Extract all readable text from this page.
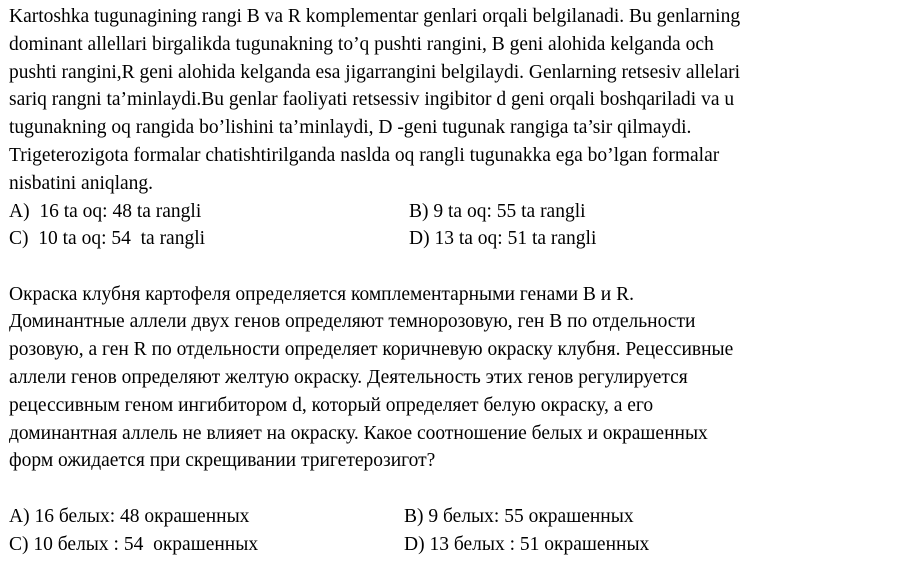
Kartoshka tugunagining rangi B va R komplementar genlari orqali belgilanadi. Bu genlarning
dominant allellari birgalikda tugunakning to’q pushti rangini, B geni alohida kelganda och
pushti rangini,R geni alohida kelganda esa jigarrangini belgilaydi. Genlarning retsesiv allelari
sariq rangni ta’minlaydi.Bu genlar faoliyati retsessiv ingibitor d geni orqali boshqariladi va u
tugunakning oq rangida bo’lishini ta’minlaydi, D -geni tugunak rangiga ta’sir qilmaydi.
Trigeterozigota formalar chatishtirilganda naslda oq rangli tugunakka ega bo’lgan formalar
nisbatini aniqlang.
A)  16 ta oq: 48 ta rangli	B) 9 ta oq: 55 ta rangli
C)  10 ta oq: 54  ta rangli	D) 13 ta oq: 51 ta rangli
Окраска клубня картофеля определяется комплементарными генами B и R.
Доминантные аллели двух генов определяют темнорозовую, ген B по отдельности
розовую, а ген R по отдельности определяет коричневую окраску клубня. Рецессивные
аллели генов определяют желтую окраску. Деятельность этих генов регулируется
рецессивным геном ингибитором d, который определяет белую окраску, а его
доминантная аллель не влияет на окраску. Какое соотношение белых и окрашенных
форм ожидается при скрещивании тригетерозигот?
А) 16 белых: 48 окрашенных	B) 9 белых: 55 окрашенных
С) 10 белых : 54  окрашенных	D) 13 белых : 51 окрашенных
